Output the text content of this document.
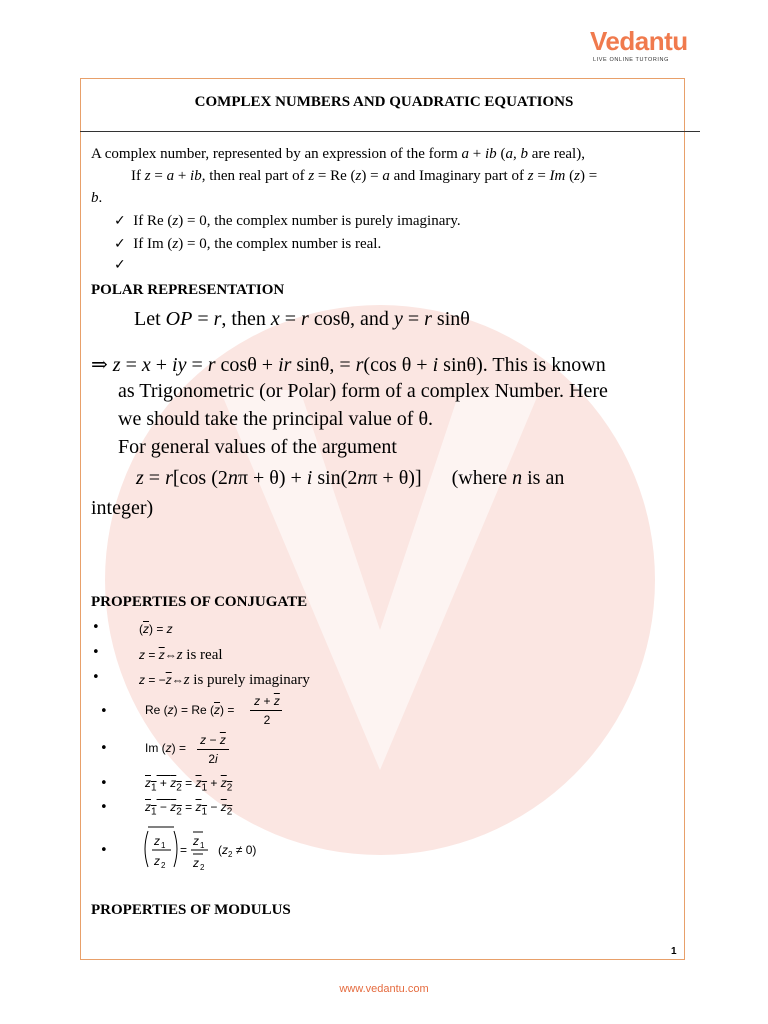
Vedantu
LIVE ONLINE TUTORING
COMPLEX NUMBERS AND QUADRATIC EQUATIONS
A complex number, represented by an expression of the form a + ib (a, b are real),
If z = a + ib, then real part of z = Re (z) = a and Imaginary part of z = Im (z) =
b.
✓  If Re (z) = 0, the complex number is purely imaginary.
✓  If Im (z) = 0, the complex number is real.
✓
POLAR REPRESENTATION
Let OP = r, then x = r cosθ, and y = r sinθ
⇒ z = x + iy = r cosθ + ir sinθ, = r(cos θ + i sinθ). This is known
as Trigonometric (or Polar) form of a complex Number. Here
we should take the principal value of θ.
For general values of the argument
z = r[cos (2nπ + θ) + i sin(2nπ + θ)]      (where n is an
integer)
PROPERTIES OF CONJUGATE
•	$(\overline{z}) = z$
•	$z = \overline{z}\Leftrightarrow z$ is real
•	$z = -\overline{z}\Leftrightarrow z$ is purely imaginary
•	Re (z) = Re $(\overline{z})$ =
$z + \overline{z}$
2
•	Im (z) =
$z - \overline{z}$
2i
•	$z_1 + z_2 = z_1 + z_2$
•	$z_1 - z_2 = z_1 - z_2$
•
z 1
z 2
=
z 1
z 2
$(z_2 \ne 0)$
PROPERTIES OF MODULUS
1
www.vedantu.com
